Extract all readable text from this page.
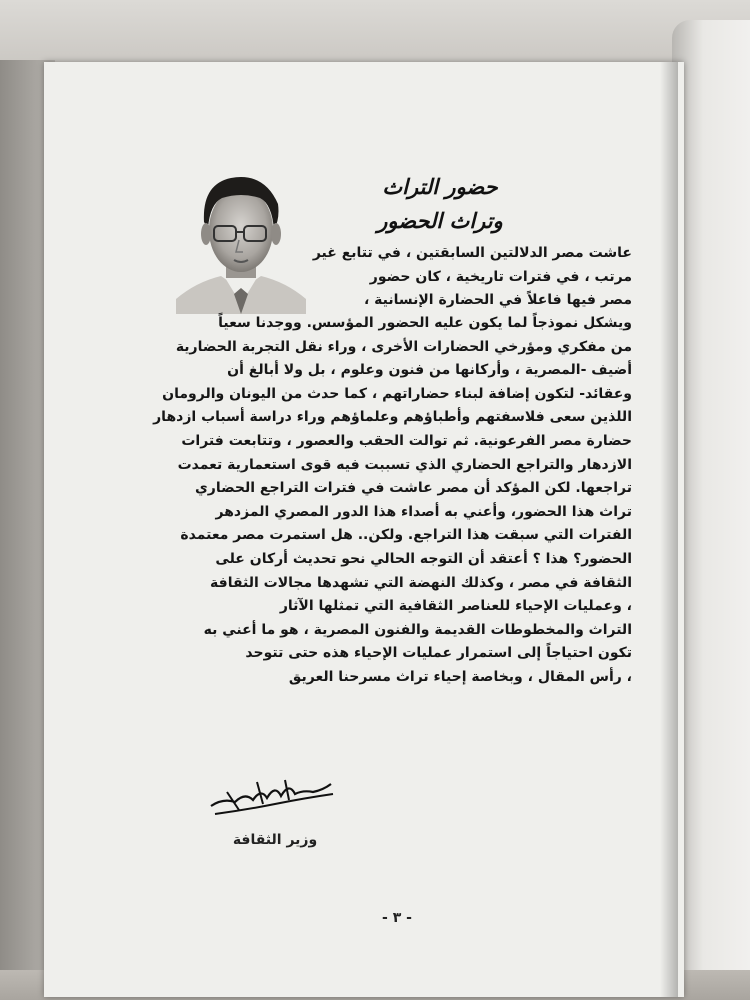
حضور التراث
وتراث الحضور

عاشت مصر الدلالتين السابقتين ، في تتابع غير
مرتب ، في فترات تاريخية ، كان حضور
مصر فيها فاعلاً في الحضارة الإنسانية ،

ويشكل نموذجاً لما يكون عليه الحضور المؤسس. ووجدنا سعياً
من مفكري ومؤرخي الحضارات الأخرى ، وراء نقل التجربة الحضارية
أضيف -المصرية ، وأركانها من فنون وعلوم ، بل ولا أبالغ أن
وعقائد- لتكون إضافة لبناء حضاراتهم ، كما حدث من اليونان والرومان
اللذين سعى فلاسفتهم وأطباؤهم وعلماؤهم وراء دراسة أسباب ازدهار
حضارة مصر الفرعونية. ثم توالت الحقب والعصور ، وتتابعت فترات
الازدهار والتراجع الحضاري الذي تسببت فيه قوى استعمارية تعمدت
تراجعها. لكن المؤكد أن مصر عاشت في فترات التراجع الحضاري
تراث هذا الحضور، وأعني به أصداء هذا الدور المصري المزدهر
الفترات التي سبقت هذا التراجع. ولكن.. هل استمرت مصر معتمدة
الحضور؟ هذا ؟ أعتقد أن التوجه الحالي نحو تحديث أركان على
الثقافة في مصر ، وكذلك النهضة التي تشهدها مجالات الثقافة
، وعمليات الإحياء للعناصر الثقافية التي تمثلها الآثار
التراث والمخطوطات القديمة والفنون المصرية ، هو ما أعني به
تكون احتياجاً إلى استمرار عمليات الإحياء هذه حتى تتوحد
، رأس المقال ، وبخاصة إحياء تراث مسرحنا العريق

وزير الثقافة
- ٣ -
